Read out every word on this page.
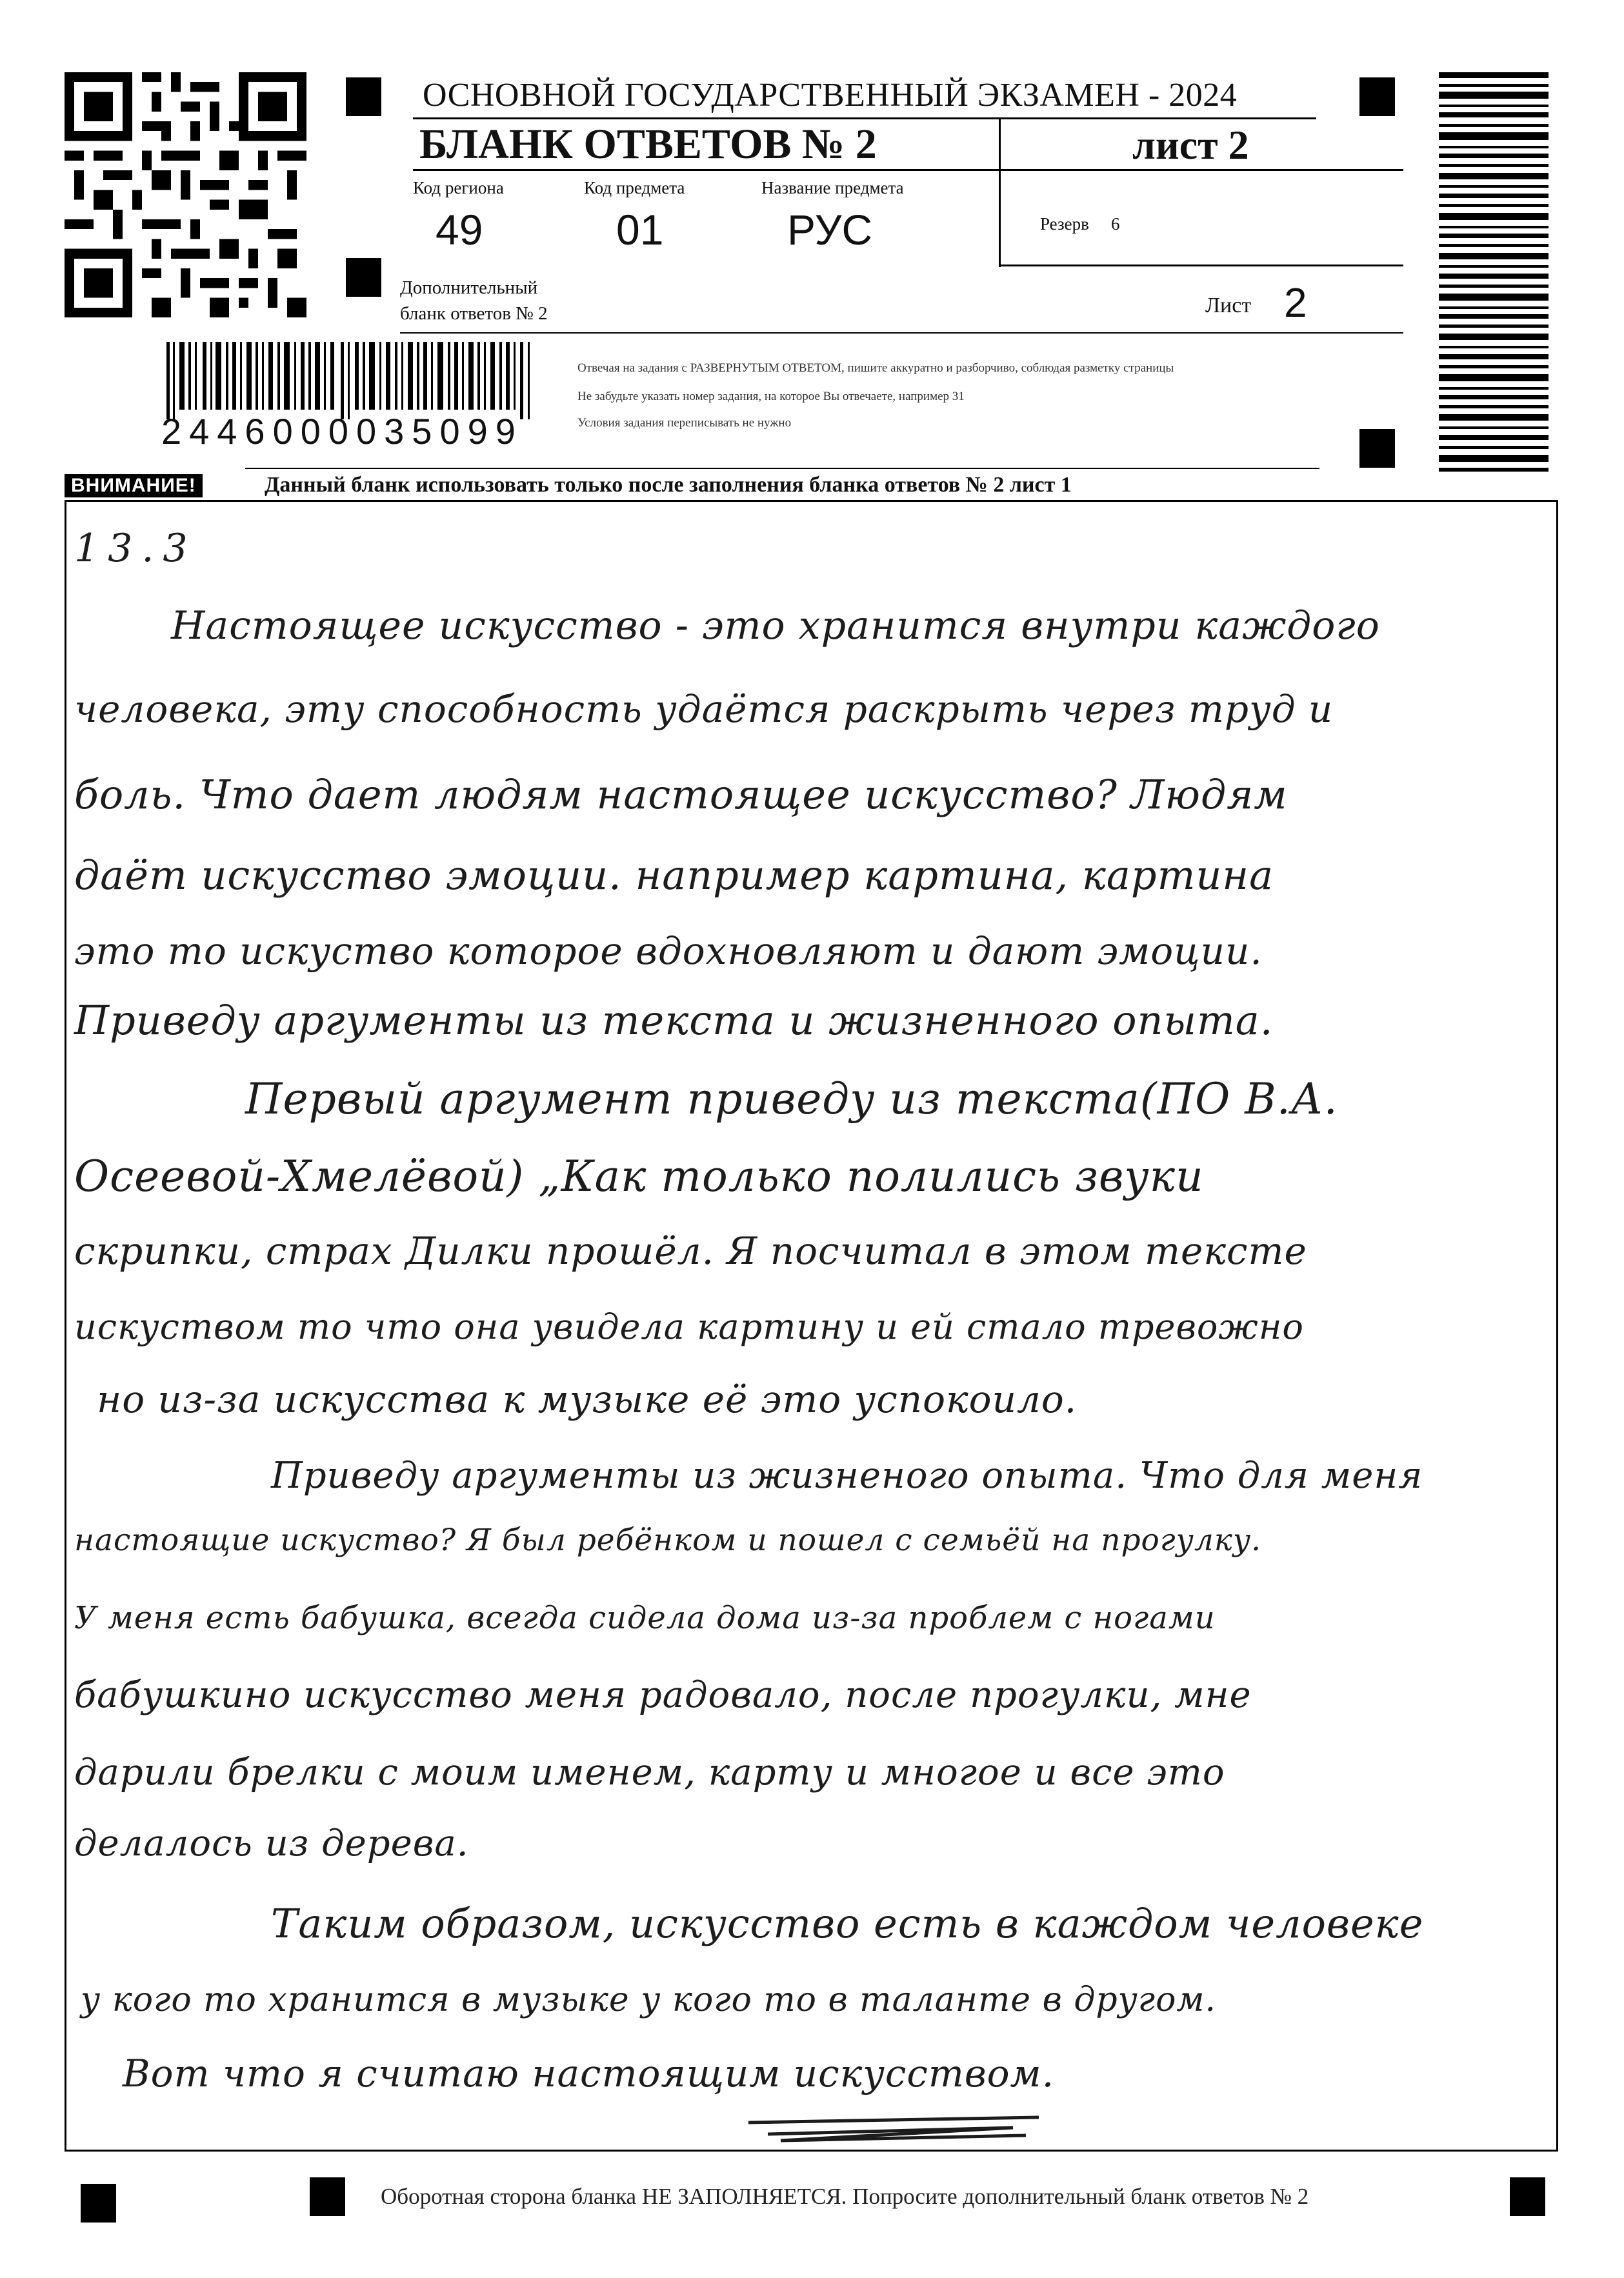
ОСНОВНОЙ ГОСУДАРСТВЕННЫЙ ЭКЗАМЕН - 2024
БЛАНК ОТВЕТОВ № 2	лист 2
Код региона	Код предмета	Название предмета
49	01	РУС	Резерв 6
Дополнительный
бланк ответов № 2	Лист 2
2446000035099
Отвечая на задания с РАЗВЕРНУТЫМ ОТВЕТОМ, пишите аккуратно и разборчиво, соблюдая разметку страницы
Не забудьте указать номер задания, на которое Вы отвечаете, например 31
Условия задания переписывать не нужно
ВНИМАНИЕ!	Данный бланк использовать только после заполнения бланка ответов № 2 лист 1
13.3
Настоящее искусство - это хранится внутри каждого
человека, эту способность удаётся раскрыть через труд и
боль. Что дает людям настоящее искусство? Людям
даёт искусство эмоции. например картина, картина
это то искуство которое вдохновляют и дают эмоции.
Приведу аргументы из текста и жизненного опыта.
Первый аргумент приведу из текста(ПО В.А.
Осеевой-Хмелёвой) „Как только полились звуки
скрипки, страх Дилки прошёл. Я посчитал в этом тексте
искуством то что она увидела картину и ей стало тревожно
но из-за искусства к музыке её это успокоило.
Приведу аргументы из жизненого опыта. Что для меня
настоящие искуство? Я был ребёнком и пошел с семьёй на прогулку.
У меня есть бабушка, всегда сидела дома из-за проблем с ногами
бабушкино искусство меня радовало, после прогулки, мне
дарили брелки с моим именем, карту и многое и все это
делалось из дерева.
Таким образом, искусство есть в каждом человеке
у кого то хранится в музыке у кого то в таланте в другом.
Вот что я считаю настоящим искусством.
Оборотная сторона бланка НЕ ЗАПОЛНЯЕТСЯ. Попросите дополнительный бланк ответов № 2
